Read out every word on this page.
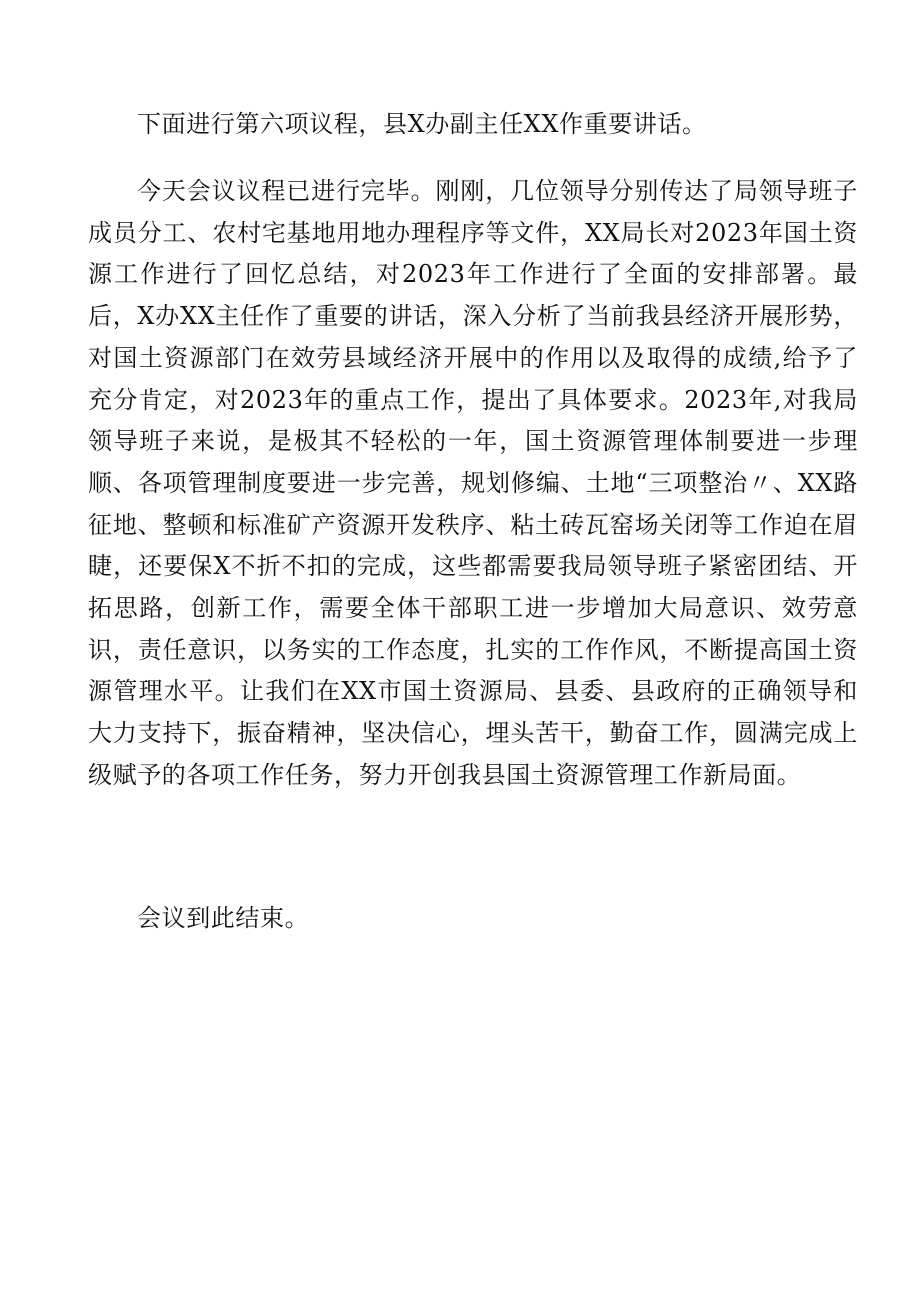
下面进行第六项议程，县X办副主任XX作重要讲话。

今天会议议程已进行完毕。刚刚，几位领导分别传达了局领导班子成员分工、农村宅基地用地办理程序等文件，XX局长对2023年国土资源工作进行了回忆总结，对2023年工作进行了全面的安排部署。最后，X办XX主任作了重要的讲话，深入分析了当前我县经济开展形势，对国土资源部门在效劳县域经济开展中的作用以及取得的成绩,给予了充分肯定，对2023年的重点工作，提出了具体要求。2023年,对我局领导班子来说，是极其不轻松的一年，国土资源管理体制要进一步理顺、各项管理制度要进一步完善，规划修编、土地“三项整治〃、XX路征地、整顿和标准矿产资源开发秩序、粘土砖瓦窑场关闭等工作迫在眉睫，还要保X不折不扣的完成，这些都需要我局领导班子紧密团结、开拓思路，创新工作，需要全体干部职工进一步增加大局意识、效劳意识，责任意识，以务实的工作态度，扎实的工作作风，不断提高国土资源管理水平。让我们在XX市国土资源局、县委、县政府的正确领导和大力支持下，振奋精神，坚决信心，埋头苦干，勤奋工作，圆满完成上级赋予的各项工作任务，努力开创我县国土资源管理工作新局面。

会议到此结束。
